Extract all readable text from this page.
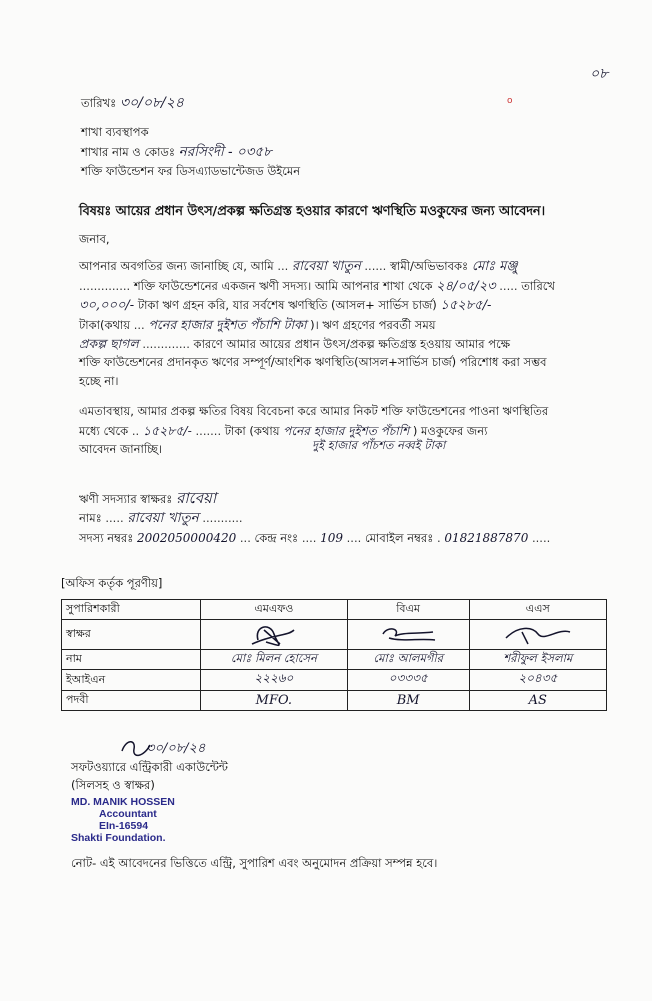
০৮
o
তারিখঃ ৩০/০৮/২৪
শাখা ব্যবস্থাপক
শাখার নাম ও কোডঃ নরসিংদী - ০৩৫৮
শক্তি ফাউন্ডেশন ফর ডিসএ্যাডভান্টেজড উইমেন
বিষয়ঃ আয়ের প্রধান উৎস/প্রকল্প ক্ষতিগ্রস্ত হওয়ার কারণে ঋণস্থিতি মওকুফের জন্য আবেদন।
জনাব,
আপনার অবগতির জন্য জানাচ্ছি যে, আমি ... রাবেয়া খাতুন ...... স্বামী/অভিভাবকঃ মোঃ মঞ্জু
.............. শক্তি ফাউন্ডেশনের একজন ঋণী সদস্য। আমি আপনার শাখা থেকে ২৪/০৫/২৩ ..... তারিখে
৩০,০০০/- টাকা ঋণ গ্রহন করি, যার সর্বশেষ ঋণস্থিতি (আসল+ সার্ভিস চার্জ) ১৫২৮৫/-
টাকা(কথায় ... পনের হাজার দুইশত পঁচাশি টাকা )। ঋণ গ্রহণের পরবর্তী সময়
প্রকল্প ছাগল ............. কারণে আমার আয়ের প্রধান উৎস/প্রকল্প ক্ষতিগ্রস্ত হওয়ায় আমার পক্ষে
শক্তি ফাউন্ডেশনের প্রদানকৃত ঋণের সম্পূর্ণ/আংশিক ঋণস্থিতি(আসল+সার্ভিস চার্জ) পরিশোধ করা সম্ভব
হচ্ছে না।
এমতাবস্থায়, আমার প্রকল্প ক্ষতির বিষয় বিবেচনা করে আমার নিকট শক্তি ফাউন্ডেশনের পাওনা ঋণস্থিতির
মধ্যে থেকে .. ১৫২৮৫/- ....... টাকা (কথায় পনের হাজার দুইশত পঁচাশি ) মওকুফের জন্য
আবেদন জানাচ্ছি।	দুই হাজার পাঁচশত নব্বই টাকা
ঋণী সদস্যার স্বাক্ষরঃ রাবেয়া
নামঃ ..... রাবেয়া খাতুন ...........
সদস্য নম্বরঃ 2002050000420 ... কেন্দ্র নংঃ .... 109 .... মোবাইল নম্বরঃ . 01821887870 .....
[অফিস কর্তৃক পূরণীয়]
সুপারিশকারী	এমএফও	বিএম	এএস
স্বাক্ষর			
নাম	মোঃ মিলন হোসেন	মোঃ আলমগীর	শরীফুল ইসলাম
ইআইএন	২২২৬০	০৩৩৩৫	২০৪৩৫
পদবী	MFO.	BM	AS
৩০/০৮/২৪
সফটওয়্যারে এন্ট্রিকারী একাউন্টেন্ট
(সিলসহ ও স্বাক্ষর)
MD. MANIK HOSSEN
Accountant
EIn-16594
Shakti Foundation.
নোট- এই আবেদনের ভিত্তিতে এন্ট্রি, সুপারিশ এবং অনুমোদন প্রক্রিয়া সম্পন্ন হবে।
